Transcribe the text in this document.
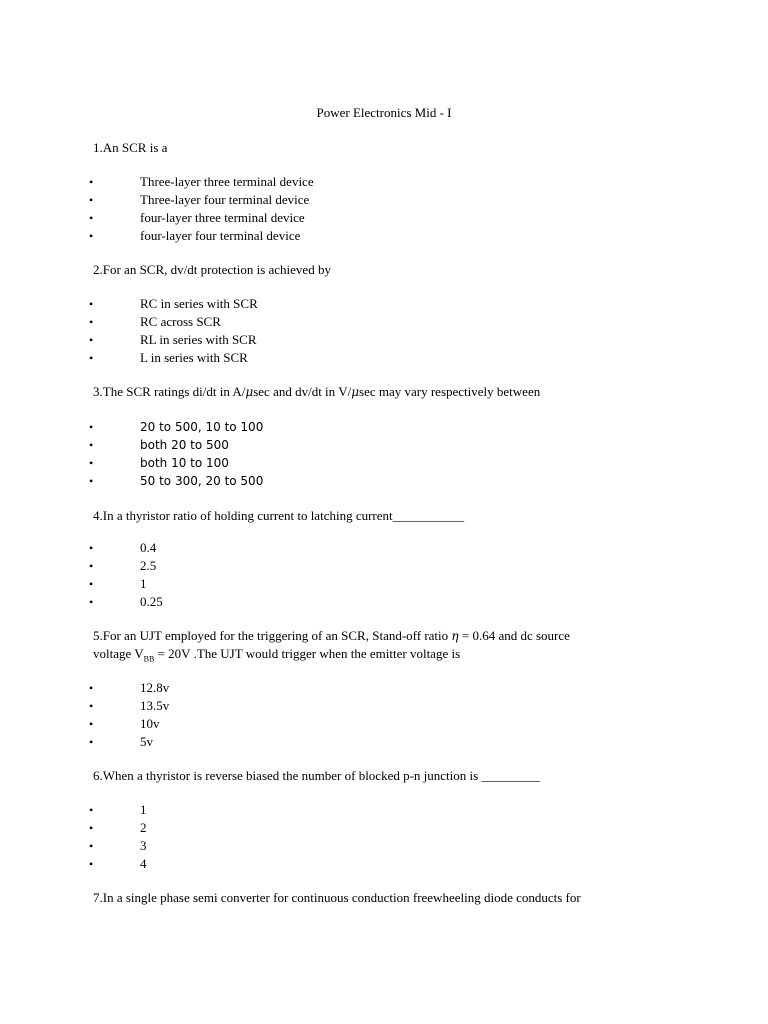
Power Electronics Mid - I
1.An SCR is a
•	Three-layer three terminal device
•	Three-layer four terminal device
•	four-layer three terminal device
•	four-layer four terminal device
2.For an SCR, dv/dt protection is achieved by
•	RC in series with SCR
•	RC across SCR
•	RL in series with SCR
•	L in series with SCR
3.The SCR ratings di/dt in A/μsec and dv/dt in V/μsec may vary respectively between
•	20 to 500, 10 to 100
•	both 20 to 500
•	both 10 to 100
•	50 to 300, 20 to 500
4.In a thyristor ratio of holding current to latching current___________
•	0.4
•	2.5
•	1
•	0.25
5.For an UJT employed for the triggering of an SCR, Stand-off ratio η = 0.64 and dc source
voltage $V_{BB} = 20V$ .The UJT would trigger when the emitter voltage is
•	12.8v
•	13.5v
•	10v
•	5v
6.When a thyristor is reverse biased the number of blocked p-n junction is _________
•	1
•	2
•	3
•	4
7.In a single phase semi converter for continuous conduction freewheeling diode conducts for
